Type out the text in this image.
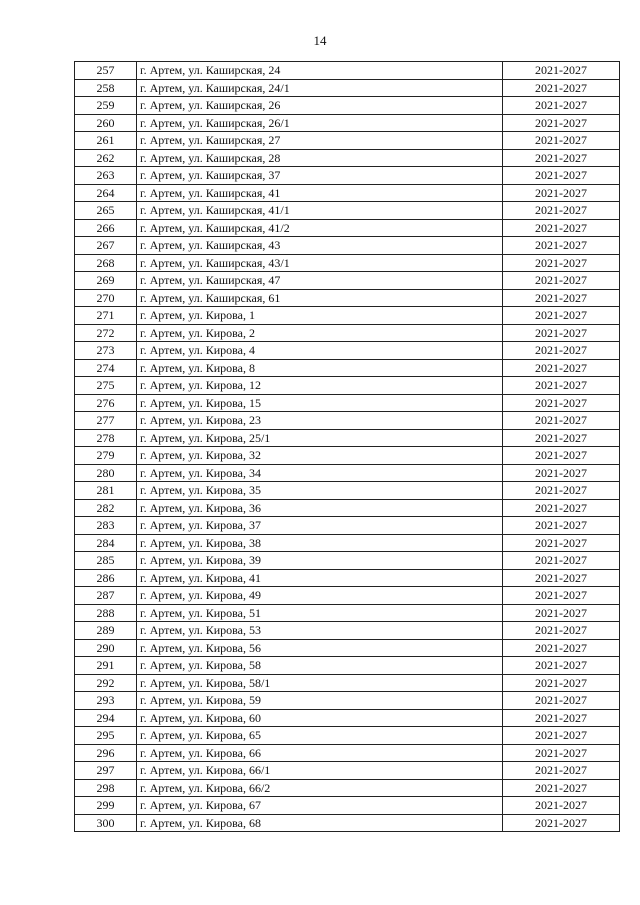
14
257	г. Артем, ул. Каширская, 24	2021-2027
258	г. Артем, ул. Каширская, 24/1	2021-2027
259	г. Артем, ул. Каширская, 26	2021-2027
260	г. Артем, ул. Каширская, 26/1	2021-2027
261	г. Артем, ул. Каширская, 27	2021-2027
262	г. Артем, ул. Каширская, 28	2021-2027
263	г. Артем, ул. Каширская, 37	2021-2027
264	г. Артем, ул. Каширская, 41	2021-2027
265	г. Артем, ул. Каширская, 41/1	2021-2027
266	г. Артем, ул. Каширская, 41/2	2021-2027
267	г. Артем, ул. Каширская, 43	2021-2027
268	г. Артем, ул. Каширская, 43/1	2021-2027
269	г. Артем, ул. Каширская, 47	2021-2027
270	г. Артем, ул. Каширская, 61	2021-2027
271	г. Артем, ул. Кирова, 1	2021-2027
272	г. Артем, ул. Кирова, 2	2021-2027
273	г. Артем, ул. Кирова, 4	2021-2027
274	г. Артем, ул. Кирова, 8	2021-2027
275	г. Артем, ул. Кирова, 12	2021-2027
276	г. Артем, ул. Кирова, 15	2021-2027
277	г. Артем, ул. Кирова, 23	2021-2027
278	г. Артем, ул. Кирова, 25/1	2021-2027
279	г. Артем, ул. Кирова, 32	2021-2027
280	г. Артем, ул. Кирова, 34	2021-2027
281	г. Артем, ул. Кирова, 35	2021-2027
282	г. Артем, ул. Кирова, 36	2021-2027
283	г. Артем, ул. Кирова, 37	2021-2027
284	г. Артем, ул. Кирова, 38	2021-2027
285	г. Артем, ул. Кирова, 39	2021-2027
286	г. Артем, ул. Кирова, 41	2021-2027
287	г. Артем, ул. Кирова, 49	2021-2027
288	г. Артем, ул. Кирова, 51	2021-2027
289	г. Артем, ул. Кирова, 53	2021-2027
290	г. Артем, ул. Кирова, 56	2021-2027
291	г. Артем, ул. Кирова, 58	2021-2027
292	г. Артем, ул. Кирова, 58/1	2021-2027
293	г. Артем, ул. Кирова, 59	2021-2027
294	г. Артем, ул. Кирова, 60	2021-2027
295	г. Артем, ул. Кирова, 65	2021-2027
296	г. Артем, ул. Кирова, 66	2021-2027
297	г. Артем, ул. Кирова, 66/1	2021-2027
298	г. Артем, ул. Кирова, 66/2	2021-2027
299	г. Артем, ул. Кирова, 67	2021-2027
300	г. Артем, ул. Кирова, 68	2021-2027
